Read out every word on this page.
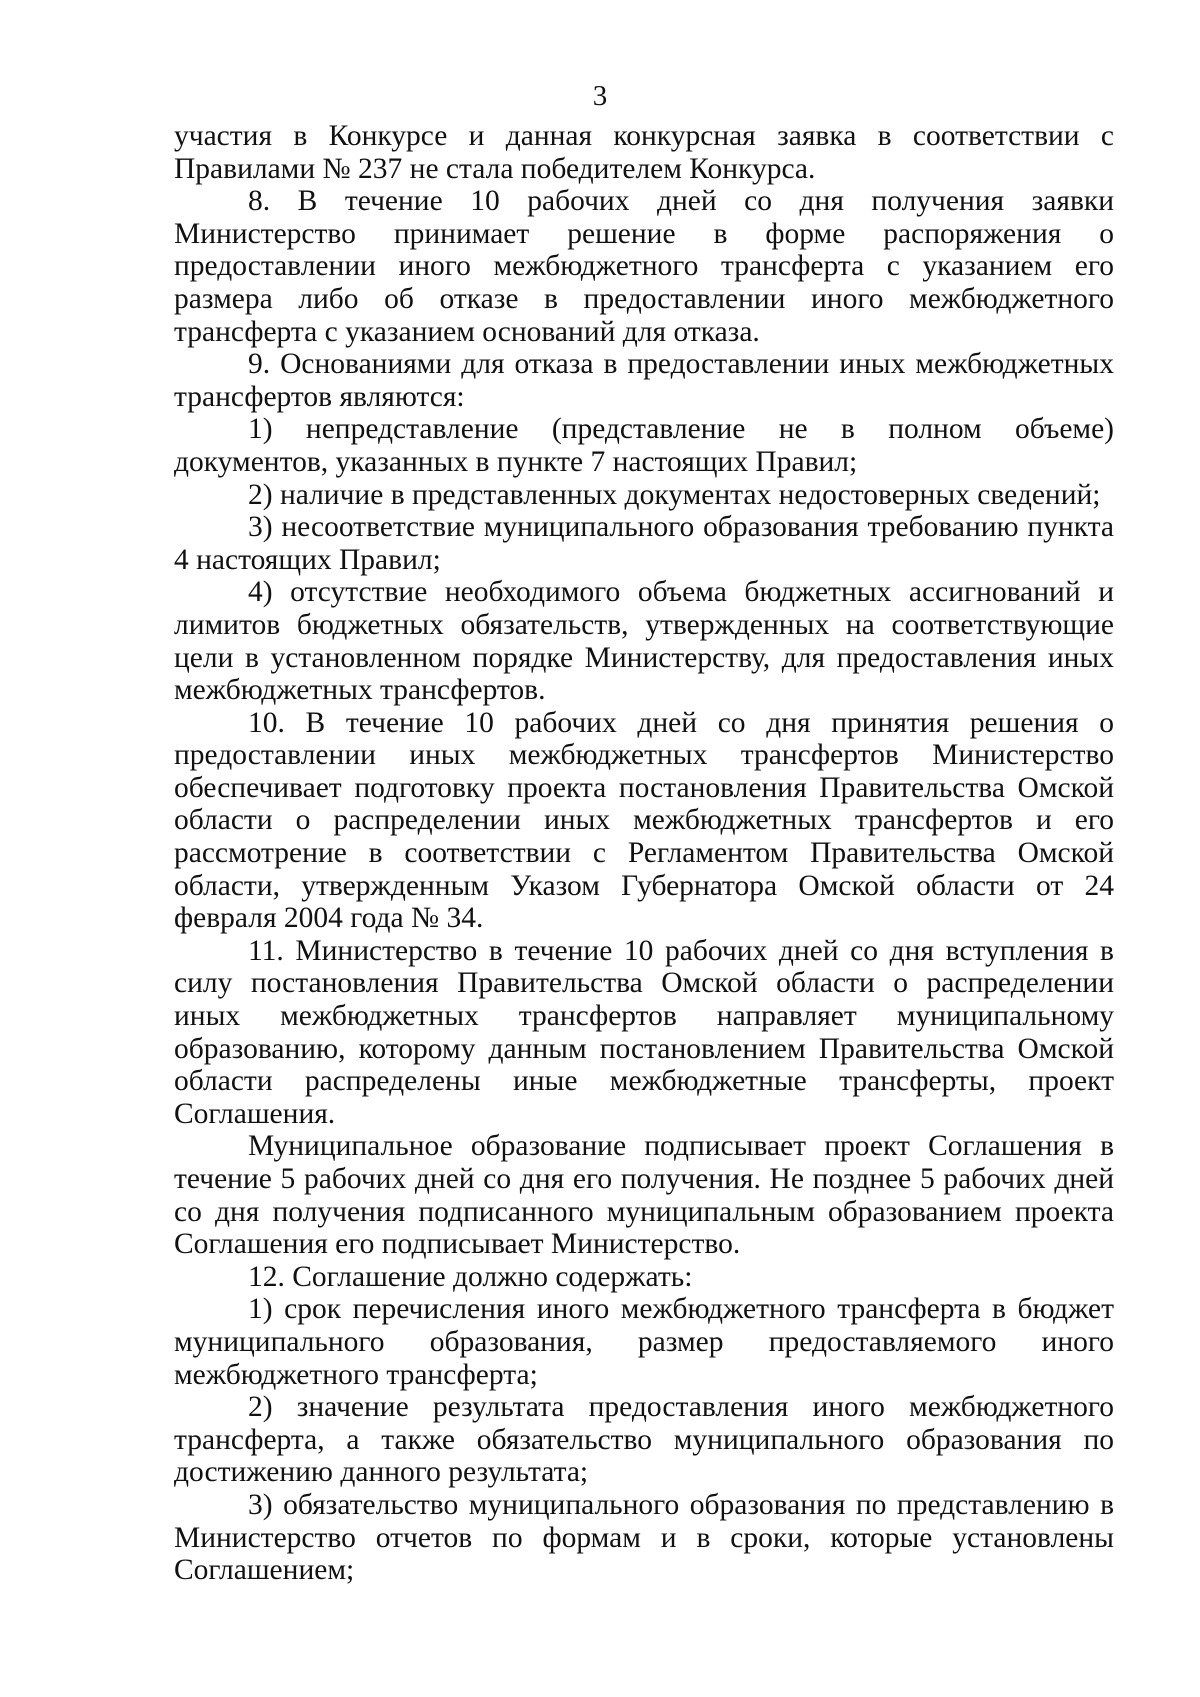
3

участия в Конкурсе и данная конкурсная заявка в соответствии с Правилами № 237 не стала победителем Конкурса.

8. В течение 10 рабочих дней со дня получения заявки Министерство принимает решение в форме распоряжения о предоставлении иного межбюджетного трансферта с указанием его размера либо об отказе в предоставлении иного межбюджетного трансферта с указанием оснований для отказа.

9. Основаниями для отказа в предоставлении иных межбюджетных трансфертов являются:

1) непредставление (представление не в полном объеме) документов, указанных в пункте 7 настоящих Правил;

2) наличие в представленных документах недостоверных сведений;

3) несоответствие муниципального образования требованию пункта 4 настоящих Правил;

4) отсутствие необходимого объема бюджетных ассигнований и лимитов бюджетных обязательств, утвержденных на соответствующие цели в установленном порядке Министерству, для предоставления иных межбюджетных трансфертов.

10. В течение 10 рабочих дней со дня принятия решения о предоставлении иных межбюджетных трансфертов Министерство обеспечивает подготовку проекта постановления Правительства Омской области о распределении иных межбюджетных трансфертов и его рассмотрение в соответствии с Регламентом Правительства Омской области, утвержденным Указом Губернатора Омской области от 24 февраля 2004 года № 34.

11. Министерство в течение 10 рабочих дней со дня вступления в силу постановления Правительства Омской области о распределении иных межбюджетных трансфертов направляет муниципальному образованию, которому данным постановлением Правительства Омской области распределены иные межбюджетные трансферты, проект Соглашения.

Муниципальное образование подписывает проект Соглашения в течение 5 рабочих дней со дня его получения. Не позднее 5 рабочих дней со дня получения подписанного муниципальным образованием проекта Соглашения его подписывает Министерство.

12. Соглашение должно содержать:

1) срок перечисления иного межбюджетного трансферта в бюджет муниципального образования, размер предоставляемого иного межбюджетного трансферта;

2) значение результата предоставления иного межбюджетного трансферта, а также обязательство муниципального образования по достижению данного результата;

3) обязательство муниципального образования по представлению в Министерство отчетов по формам и в сроки, которые установлены Соглашением;
